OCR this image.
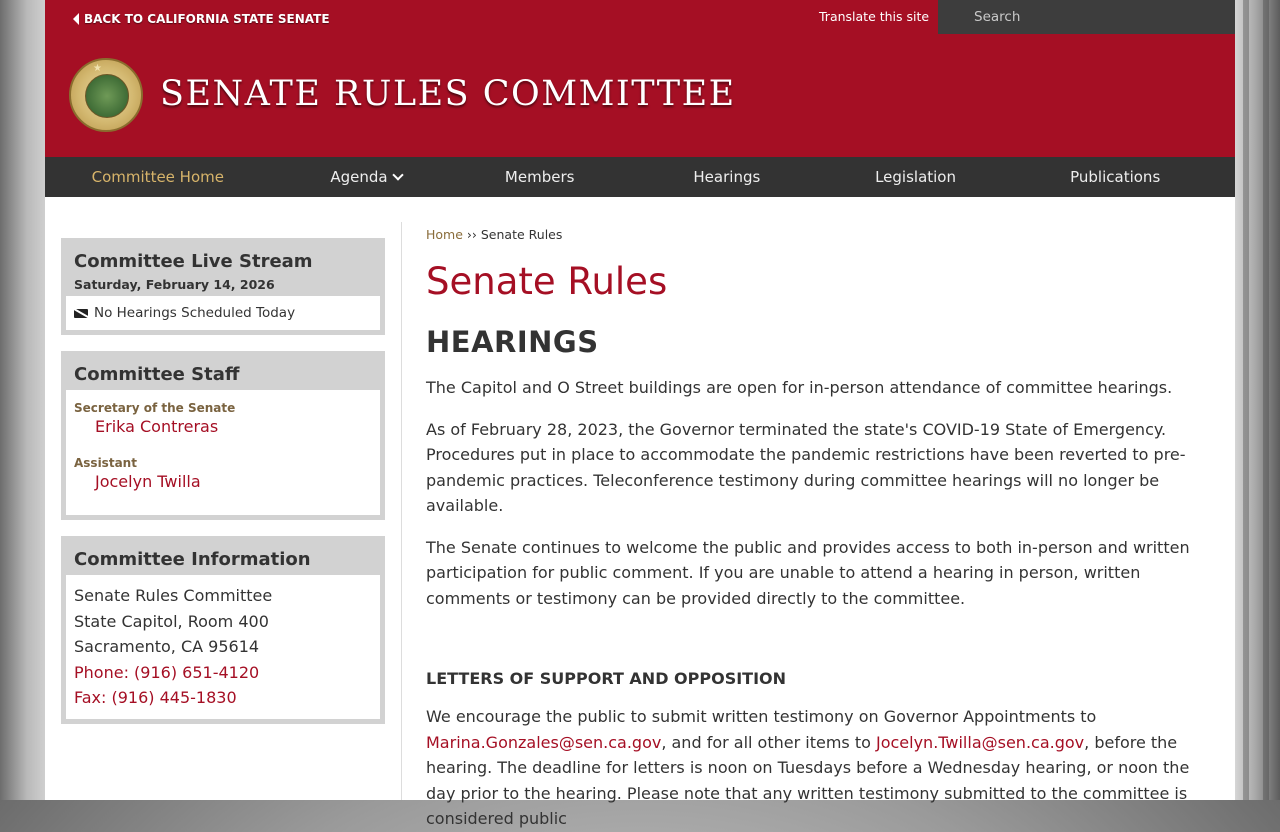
BACK TO CALIFORNIA STATE SENATE	Translate this site
Search
★
SENATE RULES COMMITTEE
Committee Home	Agenda	Members	Hearings	Legislation	Publications
Committee Live Stream
Saturday, February 14, 2026
No Hearings Scheduled Today
Committee Staff
Secretary of the Senate
Erika Contreras
Assistant
Jocelyn Twilla
Committee Information
Senate Rules Committee
State Capitol, Room 400
Sacramento, CA 95614
Phone: (916) 651-4120
Fax: (916) 445-1830
Home ›› Senate Rules
Senate Rules
HEARINGS

The Capitol and O Street buildings are open for in-person attendance of committee hearings.

As of February 28, 2023, the Governor terminated the state's COVID-19 State of Emergency. Procedures put in place to accommodate the pandemic restrictions have been reverted to pre-pandemic practices. Teleconference testimony during committee hearings will no longer be available.

The Senate continues to welcome the public and provides access to both in-person and written participation for public comment. If you are unable to attend a hearing in person, written comments or testimony can be provided directly to the committee.

LETTERS OF SUPPORT AND OPPOSITION

We encourage the public to submit written testimony on Governor Appointments to Marina.Gonzales@sen.ca.gov, and for all other items to Jocelyn.Twilla@sen.ca.gov, before the hearing. The deadline for letters is noon on Tuesdays before a Wednesday hearing, or noon the day prior to the hearing. Please note that any written testimony submitted to the committee is considered public
